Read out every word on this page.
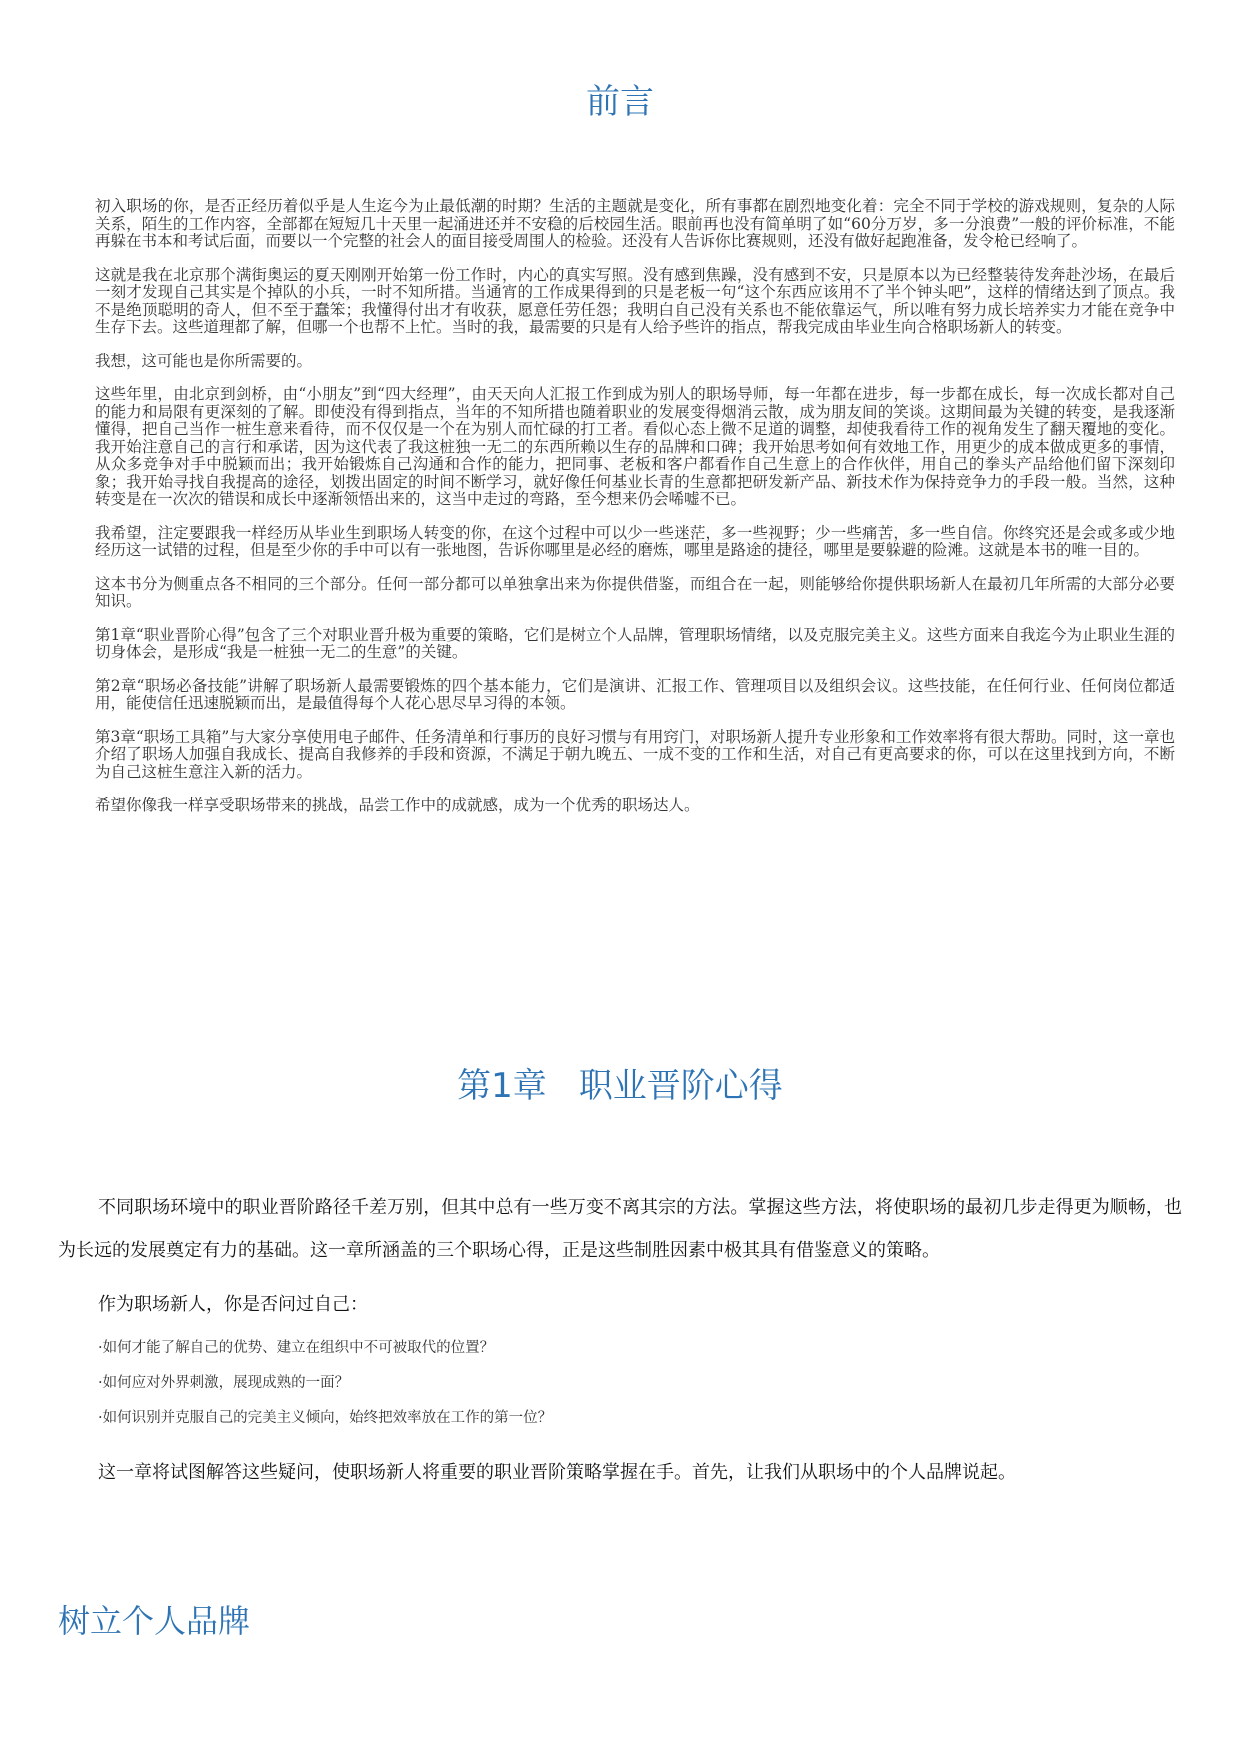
前言

初入职场的你，是否正经历着似乎是人生迄今为止最低潮的时期？生活的主题就是变化，所有事都在剧烈地变化着：完全不同于学校的游戏规则，复杂的人际关系，陌生的工作内容，全部都在短短几十天里一起涌进还并不安稳的后校园生活。眼前再也没有简单明了如“60分万岁，多一分浪费”一般的评价标准，不能再躲在书本和考试后面，而要以一个完整的社会人的面目接受周围人的检验。还没有人告诉你比赛规则，还没有做好起跑准备，发令枪已经响了。

这就是我在北京那个满街奥运的夏天刚刚开始第一份工作时，内心的真实写照。没有感到焦躁，没有感到不安，只是原本以为已经整装待发奔赴沙场，在最后一刻才发现自己其实是个掉队的小兵，一时不知所措。当通宵的工作成果得到的只是老板一句“这个东西应该用不了半个钟头吧”，这样的情绪达到了顶点。我不是绝顶聪明的奇人，但不至于蠢笨；我懂得付出才有收获，愿意任劳任怨；我明白自己没有关系也不能依靠运气，所以唯有努力成长培养实力才能在竞争中生存下去。这些道理都了解，但哪一个也帮不上忙。当时的我，最需要的只是有人给予些许的指点，帮我完成由毕业生向合格职场新人的转变。

我想，这可能也是你所需要的。

这些年里，由北京到剑桥，由“小朋友”到“四大经理”，由天天向人汇报工作到成为别人的职场导师，每一年都在进步，每一步都在成长，每一次成长都对自己的能力和局限有更深刻的了解。即使没有得到指点，当年的不知所措也随着职业的发展变得烟消云散，成为朋友间的笑谈。这期间最为关键的转变，是我逐渐懂得，把自己当作一桩生意来看待，而不仅仅是一个在为别人而忙碌的打工者。看似心态上微不足道的调整，却使我看待工作的视角发生了翻天覆地的变化。我开始注意自己的言行和承诺，因为这代表了我这桩独一无二的东西所赖以生存的品牌和口碑；我开始思考如何有效地工作，用更少的成本做成更多的事情，从众多竞争对手中脱颖而出；我开始锻炼自己沟通和合作的能力，把同事、老板和客户都看作自己生意上的合作伙伴，用自己的拳头产品给他们留下深刻印象；我开始寻找自我提高的途径，划拨出固定的时间不断学习，就好像任何基业长青的生意都把研发新产品、新技术作为保持竞争力的手段一般。当然，这种转变是在一次次的错误和成长中逐渐领悟出来的，这当中走过的弯路，至今想来仍会唏嘘不已。

我希望，注定要跟我一样经历从毕业生到职场人转变的你，在这个过程中可以少一些迷茫，多一些视野；少一些痛苦，多一些自信。你终究还是会或多或少地经历这一试错的过程，但是至少你的手中可以有一张地图，告诉你哪里是必经的磨炼，哪里是路途的捷径，哪里是要躲避的险滩。这就是本书的唯一目的。

这本书分为侧重点各不相同的三个部分。任何一部分都可以单独拿出来为你提供借鉴，而组合在一起，则能够给你提供职场新人在最初几年所需的大部分必要知识。

第1章“职业晋阶心得”包含了三个对职业晋升极为重要的策略，它们是树立个人品牌，管理职场情绪，以及克服完美主义。这些方面来自我迄今为止职业生涯的切身体会，是形成“我是一桩独一无二的生意”的关键。

第2章“职场必备技能”讲解了职场新人最需要锻炼的四个基本能力，它们是演讲、汇报工作、管理项目以及组织会议。这些技能，在任何行业、任何岗位都适用，能使信任迅速脱颖而出，是最值得每个人花心思尽早习得的本领。

第3章“职场工具箱”与大家分享使用电子邮件、任务清单和行事历的良好习惯与有用窍门，对职场新人提升专业形象和工作效率将有很大帮助。同时，这一章也介绍了职场人加强自我成长、提高自我修养的手段和资源，不满足于朝九晚五、一成不变的工作和生活，对自己有更高要求的你，可以在这里找到方向，不断为自己这桩生意注入新的活力。

希望你像我一样享受职场带来的挑战，品尝工作中的成就感，成为一个优秀的职场达人。

第1章 职业晋阶心得

不同职场环境中的职业晋阶路径千差万别，但其中总有一些万变不离其宗的方法。掌握这些方法，将使职场的最初几步走得更为顺畅，也为长远的发展奠定有力的基础。这一章所涵盖的三个职场心得，正是这些制胜因素中极其具有借鉴意义的策略。

作为职场新人，你是否问过自己：

·如何才能了解自己的优势、建立在组织中不可被取代的位置？
·如何应对外界刺激，展现成熟的一面？
·如何识别并克服自己的完美主义倾向，始终把效率放在工作的第一位？

这一章将试图解答这些疑问，使职场新人将重要的职业晋阶策略掌握在手。首先，让我们从职场中的个人品牌说起。

树立个人品牌
